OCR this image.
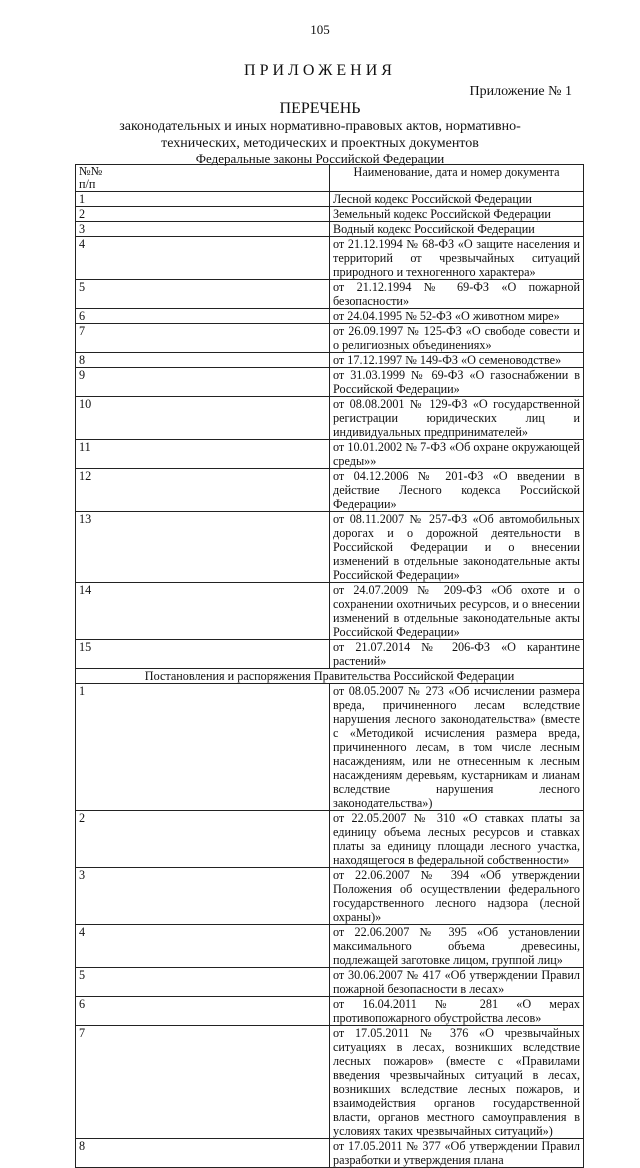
105
ПРИЛОЖЕНИЯ
Приложение № 1
ПЕРЕЧЕНЬ
законодательных и иных нормативно-правовых актов, нормативно-технических, методических и проектных документов
Федеральные законы Российской Федерации
№№
п/п	Наименование, дата и номер документа
1	Лесной кодекс Российской Федерации
2	Земельный кодекс Российской Федерации
3	Водный кодекс Российской Федерации
4	от 21.12.1994 № 68-ФЗ «О защите населения и территорий от чрезвычайных ситуаций природного и техногенного характера»
5	от 21.12.1994 № 69-ФЗ «О пожарной безопасности»
6	от 24.04.1995 № 52-ФЗ «О животном мире»
7	от 26.09.1997 № 125-ФЗ «О свободе совести и о религиозных объединениях»
8	от 17.12.1997 № 149-ФЗ «О семеноводстве»
9	от 31.03.1999 № 69-ФЗ «О газоснабжении в Российской Федерации»
10	от 08.08.2001 № 129-ФЗ «О государственной регистрации юридических лиц и индивидуальных предпринимателей»
11	от 10.01.2002 № 7-ФЗ «Об охране окружающей среды»»
12	от 04.12.2006 № 201-ФЗ «О введении в действие Лесного кодекса Российской Федерации»
13	от 08.11.2007 № 257-ФЗ «Об автомобильных дорогах и о дорожной деятельности в Российской Федерации и о внесении изменений в отдельные законодательные акты Российской Федерации»
14	от 24.07.2009 № 209-ФЗ «Об охоте и о сохранении охотничьих ресурсов, и о внесении изменений в отдельные законодательные акты Российской Федерации»
15	от 21.07.2014 № 206-ФЗ «О карантине растений»
Постановления и распоряжения Правительства Российской Федерации	
1	от 08.05.2007 № 273 «Об исчислении размера вреда, причиненного лесам вследствие нарушения лесного законодательства» (вместе с «Методикой исчисления размера вреда, причиненного лесам, в том числе лесным насаждениям, или не отнесенным к лесным насаждениям деревьям, кустарникам и лианам вследствие нарушения лесного законодательства»)
2	от 22.05.2007 № 310 «О ставках платы за единицу объема лесных ресурсов и ставках платы за единицу площади лесного участка, находящегося в федеральной собственности»
3	от 22.06.2007 № 394 «Об утверждении Положения об осуществлении федерального государственного лесного надзора (лесной охраны)»
4	от 22.06.2007 № 395 «Об установлении максимального объема древесины, подлежащей заготовке лицом, группой лиц»
5	от 30.06.2007 № 417 «Об утверждении Правил пожарной безопасности в лесах»
6	от 16.04.2011 № 281 «О мерах противопожарного обустройства лесов»
7	от 17.05.2011 № 376 «О чрезвычайных ситуациях в лесах, возникших вследствие лесных пожаров» (вместе с «Правилами введения чрезвычайных ситуаций в лесах, возникших вследствие лесных пожаров, и взаимодействия органов государственной власти, органов местного самоуправления в условиях таких чрезвычайных ситуаций»)
8	от 17.05.2011 № 377 «Об утверждении Правил разработки и утверждения плана
